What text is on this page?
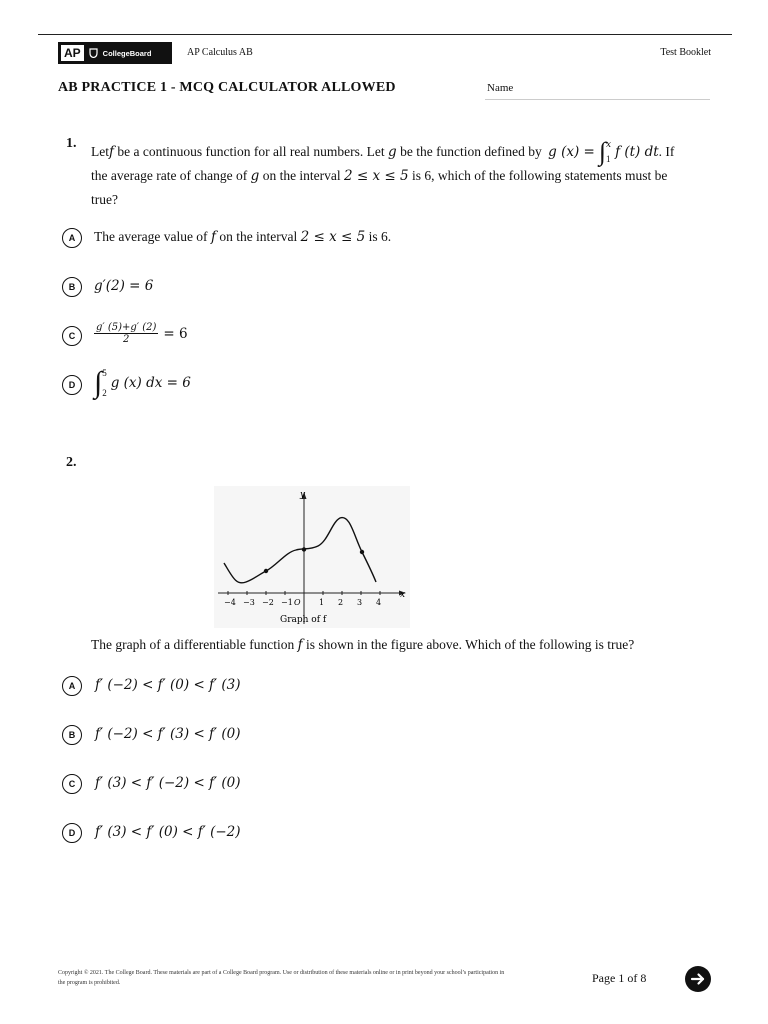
AP	CollegeBoard	AP Calculus AB	Test Booklet
AB PRACTICE 1 - MCQ CALCULATOR ALLOWED	Name
1.
Let f be a continuous function for all real numbers. Let g be the function defined by g (x) = ∫ x
1 f (t) dt . If
the average rate of change of g on the interval 2 ≤ x ≤ 5 is 6, which of the following statements must be
true?
A	The average value of f on the interval 2 ≤ x ≤ 5 is 6.
B	g′(2) = 6
C	$\frac{g' (5)+g' (2)}{2} = 6$
D ∫ 5
2
g (x) dx = 6
2.
y
x
−4 −3 −2 −1 O 1 2 3 4
Graph of f
The graph of a differentiable function f is shown in the figure above. Which of the following is true?
A	f′ (−2) < f′ (0) < f′ (3)
B	f′ (−2) < f′ (3) < f′ (0)
C	f′ (3) < f′ (−2) < f′ (0)
D	f′ (3) < f′ (0) < f′ (−2)
Copyright © 2021. The College Board. These materials are part of a College Board program. Use or distribution of these materials online or in print beyond your school’s participation in the program is prohibited.	Page 1 of 8
